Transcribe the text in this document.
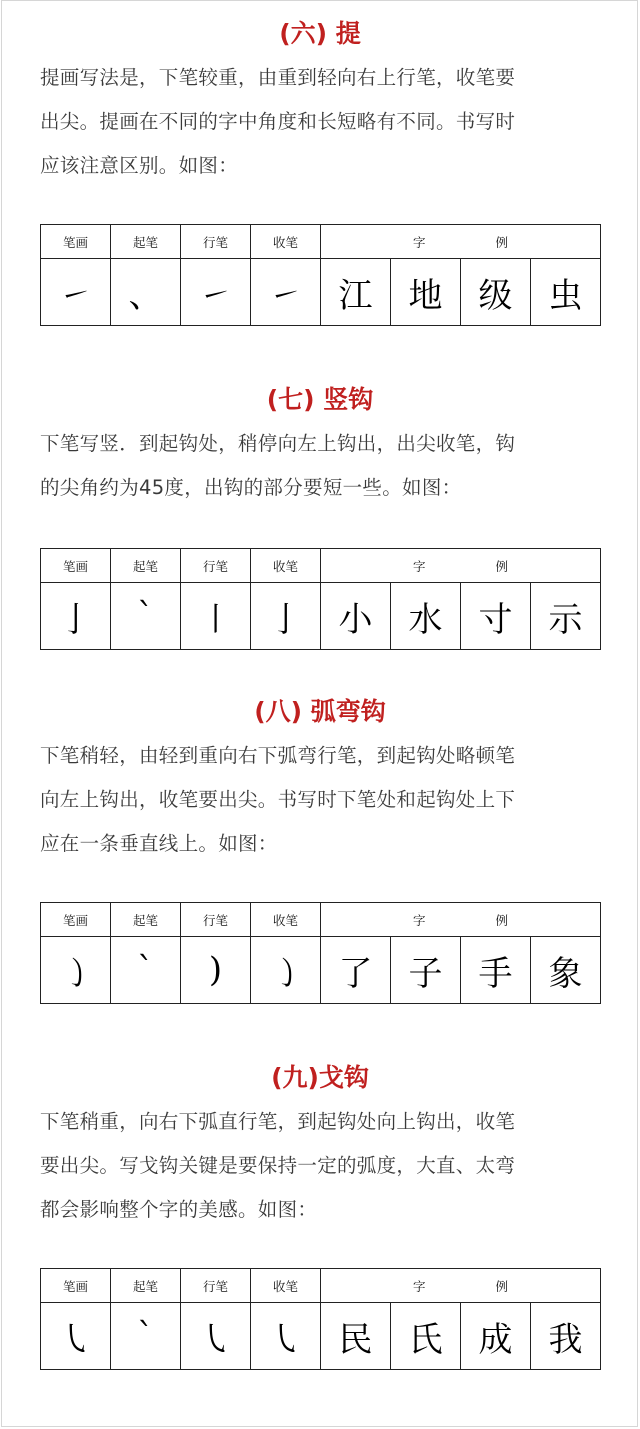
(六) 提
提画写法是，下笔较重，由重到轻向右上行笔，收笔要
出尖。提画在不同的字中角度和长短略有不同。书写时
应该注意区别。如图：
笔画	起笔	行笔	收笔	字 例			
㇀	、	㇀	㇀	江	地	级	虫
(七) 竖钩
下笔写竖．到起钩处，稍停向左上钩出，出尖收笔，钩
的尖角约为45度，出钩的部分要短一些。如图：
笔画	起笔	行笔	收笔	字 例			
亅	`	〡	亅	小	水	寸	示
(八) 弧弯钩
下笔稍轻，由轻到重向右下弧弯行笔，到起钩处略顿笔
向左上钩出，收笔要出尖。书写时下笔处和起钩处上下
应在一条垂直线上。如图：
笔画	起笔	行笔	收笔	字 例			
㇁	`	)	㇁	了	子	手	象
(九)戈钩
下笔稍重，向右下弧直行笔，到起钩处向上钩出，收笔
要出尖。写戈钩关键是要保持一定的弧度，大直、太弯
都会影响整个字的美感。如图：
笔画	起笔	行笔	收笔	字 例			
㇂	`	㇂	㇂	民	氏	成	我
